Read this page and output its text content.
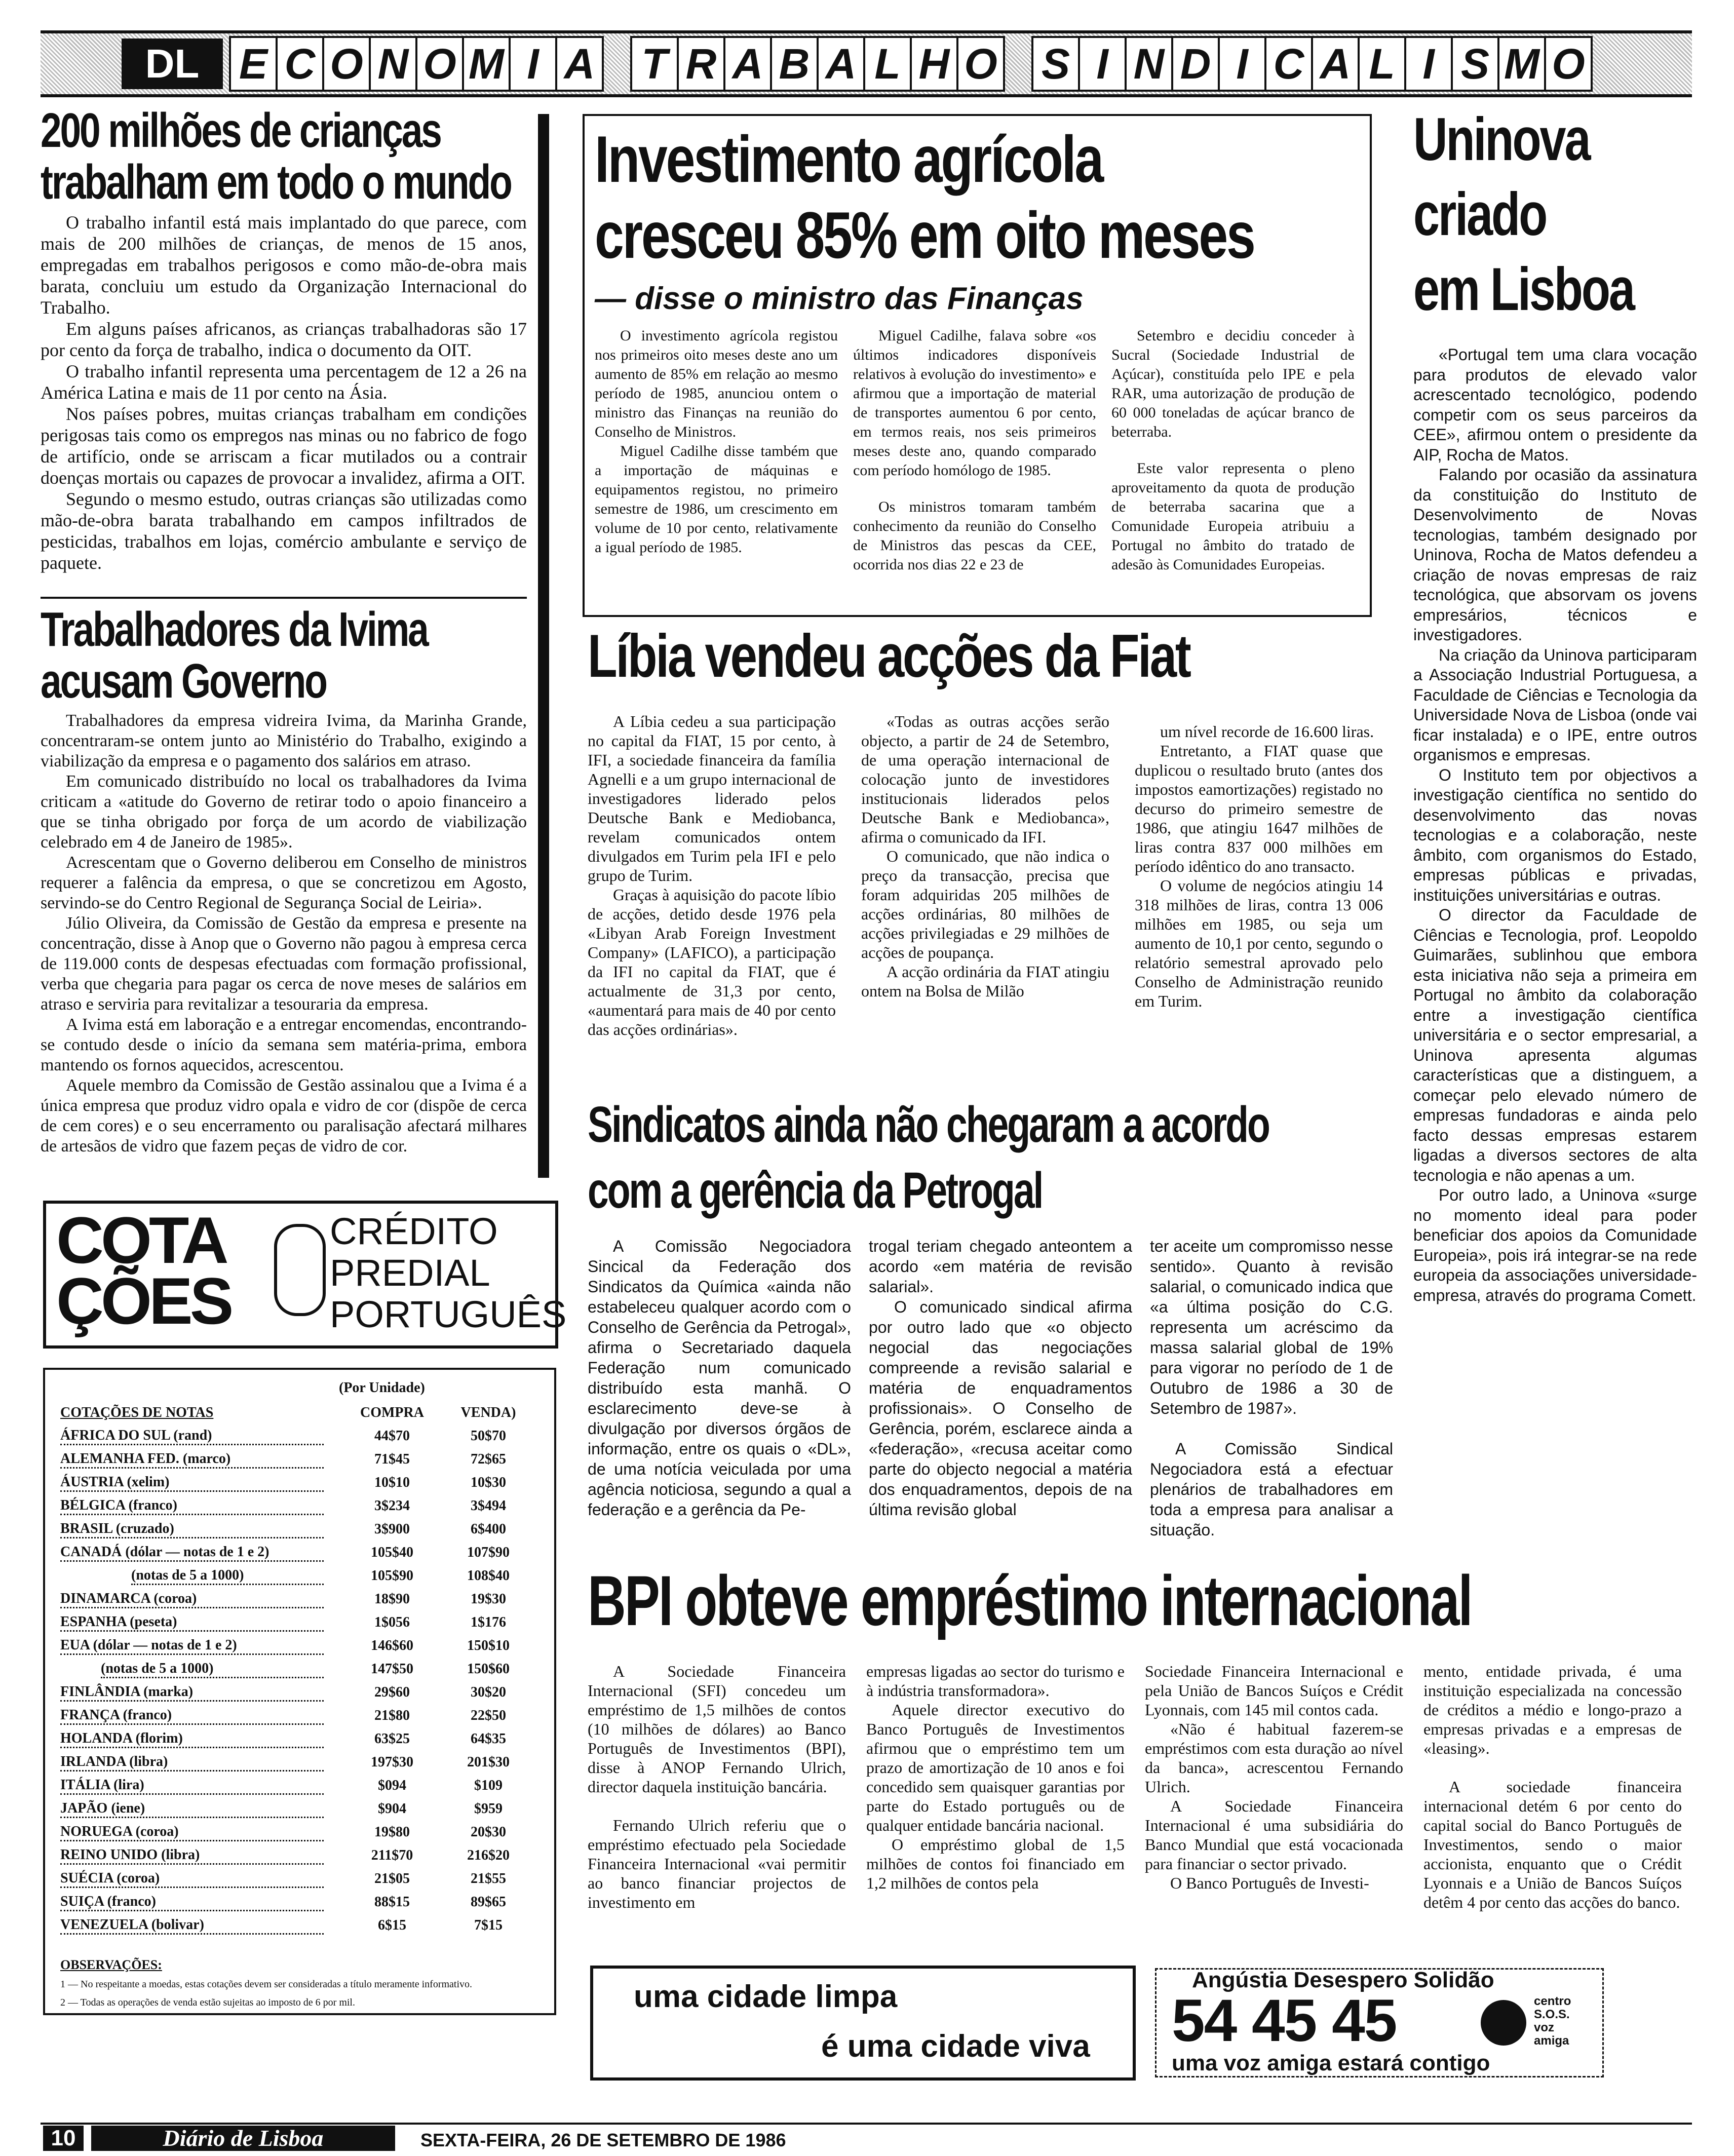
DL E C O N O M I A T R A B A L H O S I N D I C A L I S M O
200 milhões de crianças
trabalham em todo o mundo

O trabalho infantil está mais implantado do que parece, com mais de 200 milhões de crianças, de menos de 15 anos, empregadas em trabalhos perigosos e como mão-de-obra mais barata, concluiu um estudo da Organização Internacional do Trabalho.

Em alguns países africanos, as crianças trabalhadoras são 17 por cento da força de trabalho, indica o documento da OIT.

O trabalho infantil representa uma percentagem de 12 a 26 na América Latina e mais de 11 por cento na Ásia.

Nos países pobres, muitas crianças trabalham em condições perigosas tais como os empregos nas minas ou no fabrico de fogo de artifício, onde se arriscam a ficar mutilados ou a contrair doenças mortais ou capazes de provocar a invalidez, afirma a OIT.

Segundo o mesmo estudo, outras crianças são utilizadas como mão-de-obra barata trabalhando em campos infiltrados de pesticidas, trabalhos em lojas, comércio ambulante e serviço de paquete.

Trabalhadores da Ivima
acusam Governo

Trabalhadores da empresa vidreira Ivima, da Marinha Grande, concentraram-se ontem junto ao Ministério do Trabalho, exigindo a viabilização da empresa e o pagamento dos salários em atraso.

Em comunicado distribuído no local os trabalhadores da Ivima criticam a «atitude do Governo de retirar todo o apoio financeiro a que se tinha obrigado por força de um acordo de viabilização celebrado em 4 de Janeiro de 1985».

Acrescentam que o Governo deliberou em Conselho de ministros requerer a falência da empresa, o que se concretizou em Agosto, servindo-se do Centro Regional de Segurança Social de Leiria».

Júlio Oliveira, da Comissão de Gestão da empresa e presente na concentração, disse à Anop que o Governo não pagou à empresa cerca de 119.000 conts de despesas efectuadas com formação profissional, verba que chegaria para pagar os cerca de nove meses de salários em atraso e serviria para revitalizar a tesouraria da empresa.

A Ivima está em laboração e a entregar encomendas, encontrando-se contudo desde o início da semana sem matéria-prima, embora mantendo os fornos aquecidos, acrescentou.

Aquele membro da Comissão de Gestão assinalou que a Ivima é a única empresa que produz vidro opala e vidro de cor (dispõe de cerca de cem cores) e o seu encerramento ou paralisação afectará milhares de artesãos de vidro que fazem peças de vidro de cor.

COTA
ÇÕES
CRÉDITO
PREDIAL
PORTUGUÊS
(Por Unidade)
COTAÇÕES DE NOTAS	COMPRA	VENDA)
ÁFRICA DO SUL (rand)	44$70	50$70
ALEMANHA FED. (marco)	71$45	72$65
ÁUSTRIA (xelim)	10$10	10$30
BÉLGICA (franco)	3$234	3$494
BRASIL (cruzado)	3$900	6$400
CANADÁ (dólar — notas de 1 e 2)	105$40	107$90
(notas de 5 a 1000)	105$90	108$40
DINAMARCA (coroa)	18$90	19$30
ESPANHA (peseta)	1$056	1$176
EUA (dólar — notas de 1 e 2)	146$60	150$10
(notas de 5 a 1000)	147$50	150$60
FINLÂNDIA (marka)	29$60	30$20
FRANÇA (franco)	21$80	22$50
HOLANDA (florim)	63$25	64$35
IRLANDA (libra)	197$30	201$30
ITÁLIA (lira)	$094	$109
JAPÃO (iene)	$904	$959
NORUEGA (coroa)	19$80	20$30
REINO UNIDO (libra)	211$70	216$20
SUÉCIA (coroa)	21$05	21$55
SUIÇA (franco)	88$15	89$65
VENEZUELA (bolivar)	6$15	7$15
OBSERVAÇÕES:
1 — No respeitante a moedas, estas cotações devem ser consideradas a título meramente informativo.
2 — Todas as operações de venda estão sujeitas ao imposto de 6 por mil.
Investimento agrícola
cresceu 85% em oito meses
— disse o ministro das Finanças

O investimento agrícola registou nos primeiros oito meses deste ano um aumento de 85% em relação ao mesmo período de 1985, anunciou ontem o ministro das Finanças na reunião do Conselho de Ministros.

Miguel Cadilhe disse também que a importação de máquinas e equipamentos registou, no primeiro semestre de 1986, um crescimento em volume de 10 por cento, relativamente a igual período de 1985.

Miguel Cadilhe, falava sobre «os últimos indicadores disponíveis relativos à evolução do investimento» e afirmou que a importação de material de transportes aumentou 6 por cento, em termos reais, nos seis primeiros meses deste ano, quando comparado com período homólogo de 1985.

Os ministros tomaram também conhecimento da reunião do Conselho de Ministros das pescas da CEE, ocorrida nos dias 22 e 23 de

Setembro e decidiu conceder à Sucral (Sociedade Industrial de Açúcar), constituída pelo IPE e pela RAR, uma autorização de produção de 60 000 toneladas de açúcar branco de beterraba.

Este valor representa o pleno aproveitamento da quota de produção de beterraba sacarina que a Comunidade Europeia atribuiu a Portugal no âmbito do tratado de adesão às Comunidades Europeias.

Líbia vendeu acções da Fiat

A Líbia cedeu a sua participação no capital da FIAT, 15 por cento, à IFI, a sociedade financeira da família Agnelli e a um grupo internacional de investigadores liderado pelos Deutsche Bank e Mediobanca, revelam comunicados ontem divulgados em Turim pela IFI e pelo grupo de Turim.

Graças à aquisição do pacote líbio de acções, detido desde 1976 pela «Libyan Arab Foreign Investment Company» (LAFICO), a participação da IFI no capital da FIAT, que é actualmente de 31,3 por cento, «aumentará para mais de 40 por cento das acções ordinárias».

«Todas as outras acções serão objecto, a partir de 24 de Setembro, de uma operação internacional de colocação junto de investidores institucionais liderados pelos Deutsche Bank e Mediobanca», afirma o comunicado da IFI.

O comunicado, que não indica o preço da transacção, precisa que foram adquiridas 205 milhões de acções ordinárias, 80 milhões de acções privilegiadas e 29 milhões de acções de poupança.

A acção ordinária da FIAT atingiu ontem na Bolsa de Milão

um nível recorde de 16.600 liras.

Entretanto, a FIAT quase que duplicou o resultado bruto (antes dos impostos eamortizações) registado no decurso do primeiro semestre de 1986, que atingiu 1647 milhões de liras contra 837 000 milhões em período idêntico do ano transacto.

O volume de negócios atingiu 14 318 milhões de liras, contra 13 006 milhões em 1985, ou seja um aumento de 10,1 por cento, segundo o relatório semestral aprovado pelo Conselho de Administração reunido em Turim.

Sindicatos ainda não chegaram a acordo
com a gerência da Petrogal

A Comissão Negociadora Sincical da Federação dos Sindicatos da Química «ainda não estabeleceu qualquer acordo com o Conselho de Gerência da Petrogal», afirma o Secretariado daquela Federação num comunicado distribuído esta manhã. O esclarecimento deve-se à divulgação por diversos órgãos de informação, entre os quais o «DL», de uma notícia veiculada por uma agência noticiosa, segundo a qual a federação e a gerência da Pe-

trogal teriam chegado anteontem a acordo «em matéria de revisão salarial».

O comunicado sindical afirma por outro lado que «o objecto negocial das negociações compreende a revisão salarial e matéria de enquadramentos profissionais». O Conselho de Gerência, porém, esclarece ainda a «federação», «recusa aceitar como parte do objecto negocial a matéria dos enquadramentos, depois de na última revisão global

ter aceite um compromisso nesse sentido». Quanto à revisão salarial, o comunicado indica que «a última posição do C.G. representa um acréscimo da massa salarial global de 19% para vigorar no período de 1 de Outubro de 1986 a 30 de Setembro de 1987».

A Comissão Sindical Negociadora está a efectuar plenários de trabalhadores em toda a empresa para analisar a situação.

Uninova
criado
em Lisboa

«Portugal tem uma clara vocação para produtos de elevado valor acrescentado tecnológico, podendo competir com os seus parceiros da CEE», afirmou ontem o presidente da AIP, Rocha de Matos.

Falando por ocasião da assinatura da constituição do Instituto de Desenvolvimento de Novas tecnologias, também designado por Uninova, Rocha de Matos defendeu a criação de novas empresas de raiz tecnológica, que absorvam os jovens empresários, técnicos e investigadores.

Na criação da Uninova participaram a Associação Industrial Portuguesa, a Faculdade de Ciências e Tecnologia da Universidade Nova de Lisboa (onde vai ficar instalada) e o IPE, entre outros organismos e empresas.

O Instituto tem por objectivos a investigação científica no sentido do desenvolvimento das novas tecnologias e a colaboração, neste âmbito, com organismos do Estado, empresas públicas e privadas, instituições universitárias e outras.

O director da Faculdade de Ciências e Tecnologia, prof. Leopoldo Guimarães, sublinhou que embora esta iniciativa não seja a primeira em Portugal no âmbito da colaboração entre a investigação científica universitária e o sector empresarial, a Uninova apresenta algumas características que a distinguem, a começar pelo elevado número de empresas fundadoras e ainda pelo facto dessas empresas estarem ligadas a diversos sectores de alta tecnologia e não apenas a um.

Por outro lado, a Uninova «surge no momento ideal para poder beneficiar dos apoios da Comunidade Europeia», pois irá integrar-se na rede europeia da associações universidade-empresa, através do programa Comett.

BPI obteve empréstimo internacional

A Sociedade Financeira Internacional (SFI) concedeu um empréstimo de 1,5 milhões de contos (10 milhões de dólares) ao Banco Português de Investimentos (BPI), disse à ANOP Fernando Ulrich, director daquela instituição bancária.

Fernando Ulrich referiu que o empréstimo efectuado pela Sociedade Financeira Internacional «vai permitir ao banco financiar projectos de investimento em

empresas ligadas ao sector do turismo e à indústria transformadora».

Aquele director executivo do Banco Português de Investimentos afirmou que o empréstimo tem um prazo de amortização de 10 anos e foi concedido sem quaisquer garantias por parte do Estado português ou de qualquer entidade bancária nacional.

O empréstimo global de 1,5 milhões de contos foi financiado em 1,2 milhões de contos pela

Sociedade Financeira Internacional e pela União de Bancos Suíços e Crédit Lyonnais, com 145 mil contos cada.

«Não é habitual fazerem-se empréstimos com esta duração ao nível da banca», acrescentou Fernando Ulrich.

A Sociedade Financeira Internacional é uma subsidiária do Banco Mundial que está vocacionada para financiar o sector privado.

O Banco Português de Investi-

mento, entidade privada, é uma instituição especializada na concessão de créditos a médio e longo-prazo a empresas privadas e a empresas de «leasing».

A sociedade financeira internacional detém 6 por cento do capital social do Banco Português de Investimentos, sendo o maior accionista, enquanto que o Crédit Lyonnais e a União de Bancos Suíços detêm 4 por cento das acções do banco.

uma cidade limpa
é uma cidade viva
Angústia Desespero Solidão
54 45 45	centro
S.O.S.
voz
amiga
uma voz amiga estará contigo
10	Diário de Lisboa	SEXTA-FEIRA, 26 DE SETEMBRO DE 1986
